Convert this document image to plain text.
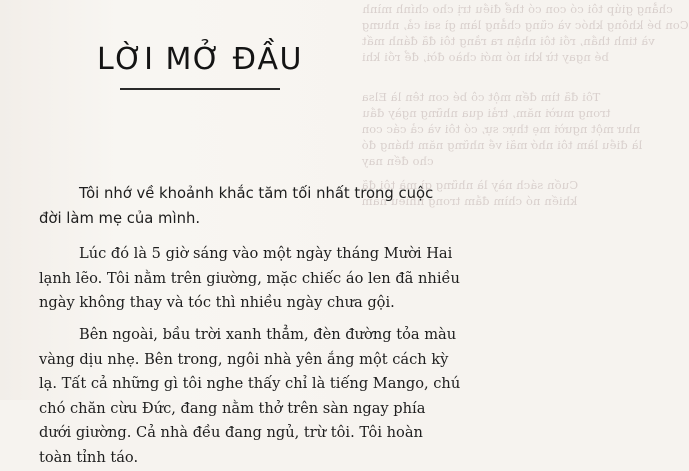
chẳng giúp tôi có con có thể điều trị cho chính mình
Con bé không khóc và cũng chẳng làm gì sai cả, nhưng
và tinh thần, rồi tôi nhận ra rằng tôi đã đánh mất
bé ngay từ khi nó mới chào đời, để rồi khi
Tôi đã tìm đến một cô bé con tên là Elsa
trong mười năm, trải qua những ngày đầu
như một người mẹ thực sự, có tôi và cả các con
là điều làm tôi nhớ mãi về những năm tháng đó
cho đến nay
Cuốn sách này là những gì mà tôi đã
khiến nó chìm đắm trong nhiều năm
LỜI MỞ ĐẦU

Tôi nhớ về khoảnh khắc tăm tối nhất trong cuộc
đời làm mẹ của mình.

Lúc đó là 5 giờ sáng vào một ngày tháng Mười Hai
lạnh lẽo. Tôi nằm trên giường, mặc chiếc áo len đã nhiều
ngày không thay và tóc thì nhiều ngày chưa gội.

Bên ngoài, bầu trời xanh thẳm, đèn đường tỏa màu
vàng dịu nhẹ. Bên trong, ngôi nhà yên ắng một cách kỳ
lạ. Tất cả những gì tôi nghe thấy chỉ là tiếng Mango, chú
chó chăn cừu Đức, đang nằm thở trên sàn ngay phía
dưới giường. Cả nhà đều đang ngủ, trừ tôi. Tôi hoàn
toàn tỉnh táo.
